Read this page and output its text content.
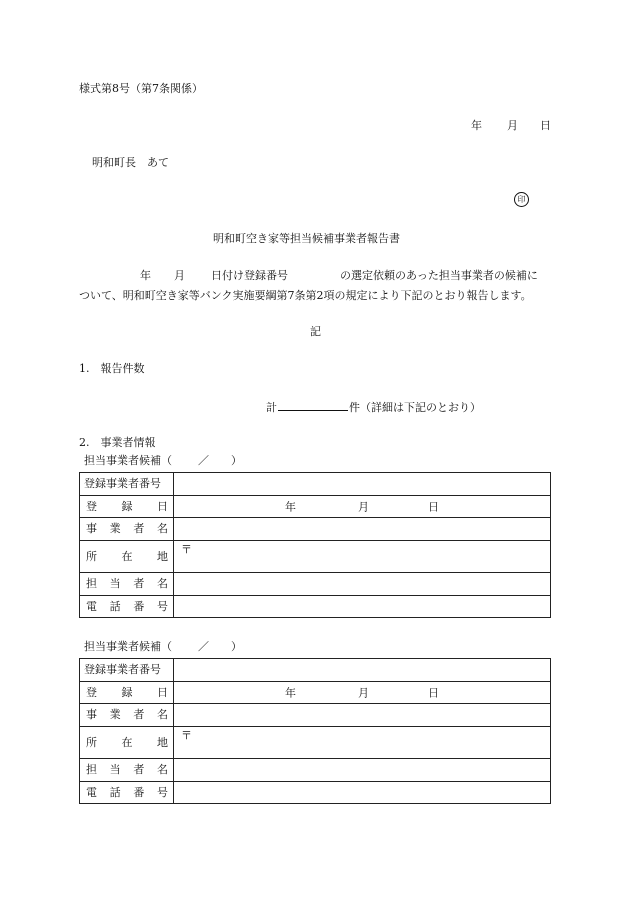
様式第8号（第7条関係）
年 月 日
明和町長　あて
印
明和町空き家等担当候補事業者報告書
年 月 日付け登録番号	の選定依頼のあった担当事業者の候補に
ついて、明和町空き家等バンク実施要綱第7条第2項の規定により下記のとおり報告します。
記
1.　報告件数
計	件（詳細は下記のとおり）
2.　事業者情報
担当事業者候補（ ／ ）
登録事業者番号	

登 録 日	年 月 日

事 業 者 名	

所 在 地	〒

担 当 者 名	

電 話 番 号	

担当事業者候補（ ／ ）
登録事業者番号	

登 録 日	年 月 日

事 業 者 名	

所 在 地	〒

担 当 者 名	

電 話 番 号	
